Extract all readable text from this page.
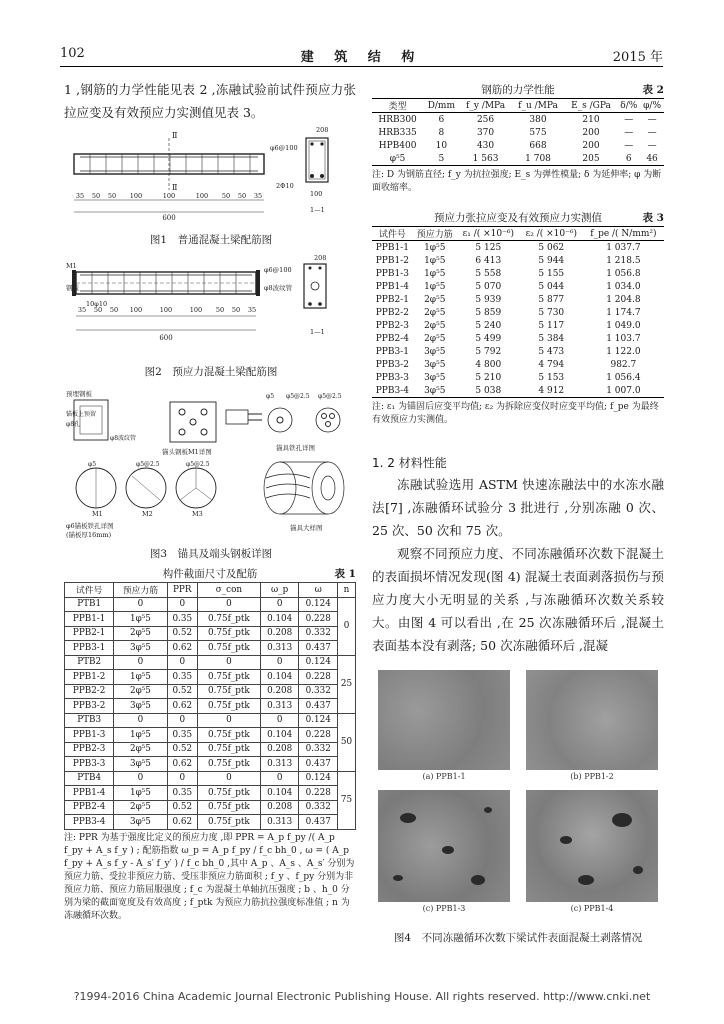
102	建 筑 结 构	2015 年
1 ,钢筋的力学性能见表 2 ,冻融试验前试件预应力张拉应变及有效预应力实测值见表 3。
Ⅱ
Ⅱ
600
35 50 50 100	100	100 50 50 35
208
φ6@100
2Φ10
100
1—1
图1　普通混凝土梁配筋图
M1
钢板
600
35 50 50 100	100	100 50 50 35
208
φ6@100
φ8波纹管
10φ10
1—1
图2　预应力混凝土梁配筋图
预埋钢板
锚板上预留
φ8孔
φ8波纹管
锚头钢板M1详图
φ5 φ5@2.5 φ5@2.5
锚具铁孔详图
φ5	φ5@2.5	φ5@2.5
M1	M2	M3
φ6锚板铁孔详图
(锚板厚16mm)
锚具大样图
图3　锚具及端头钢板详图
构件截面尺寸及配筋	表 1
试件号	预应力筋	PPR	σ_con	ω_p	ω	n
PTB1	0	0	0	0	0.124	0
PPB1-1	1φ⁵5	0.35	0.75f_ptk	0.104	0.228	
PPB2-1	2φ⁵5	0.52	0.75f_ptk	0.208	0.332	
PPB3-1	3φ⁵5	0.62	0.75f_ptk	0.313	0.437	
PTB2	0	0	0	0	0.124	25
PPB1-2	1φ⁵5	0.35	0.75f_ptk	0.104	0.228	
PPB2-2	2φ⁵5	0.52	0.75f_ptk	0.208	0.332	
PPB3-2	3φ⁵5	0.62	0.75f_ptk	0.313	0.437	
PTB3	0	0	0	0	0.124	50
PPB1-3	1φ⁵5	0.35	0.75f_ptk	0.104	0.228	
PPB2-3	2φ⁵5	0.52	0.75f_ptk	0.208	0.332	
PPB3-3	3φ⁵5	0.62	0.75f_ptk	0.313	0.437	
PTB4	0	0	0	0	0.124	75
PPB1-4	1φ⁵5	0.35	0.75f_ptk	0.104	0.228	
PPB2-4	2φ⁵5	0.52	0.75f_ptk	0.208	0.332	
PPB3-4	3φ⁵5	0.62	0.75f_ptk	0.313	0.437	
注: PPR 为基于强度比定义的预应力度 ,即 PPR = A_p f_py /( A_p f_py + A_s f_y ) ; 配筋指数 ω_p = A_p f_py / f_c bh_0 , ω = ( A_p f_py + A_s f_y - A_s′ f_y′ ) / f_c bh_0 ,其中 A_p 、A_s 、A_s′ 分别为预应力筋、受拉非预应力筋、受压非预应力筋面积 ; f_y 、f_py 分别为非预应力筋、预应力筋屈服强度 ; f_c 为混凝土单轴抗压强度 ; b 、h_0 分别为梁的截面宽度及有效高度 ; f_ptk 为预应力筋抗拉强度标准值 ; n 为冻融循环次数。
钢筋的力学性能	表 2
类型	D/mm	f_y /MPa	f_u /MPa	E_s /GPa	δ/%	φ/%
HRB300	6	256	380	210	—	—
HRB335	8	370	575	200	—	—
HPB400	10	430	668	200	—	—
φ⁵5	5	1 563	1 708	205	6	46
注: D 为钢筋直径; f_y 为抗拉强度; E_s 为弹性模量; δ 为延伸率; φ 为断面收缩率。
预应力张拉应变及有效预应力实测值	表 3
试件号	预应力筋	ε₁ /( ×10⁻⁶)	ε₂ /( ×10⁻⁶)	f_pe /( N/mm²)
PPB1-1	1φ⁵5	5 125	5 062	1 037.7
PPB1-2	1φ⁵5	6 413	5 944	1 218.5
PPB1-3	1φ⁵5	5 558	5 155	1 056.8
PPB1-4	1φ⁵5	5 070	5 044	1 034.0
PPB2-1	2φ⁵5	5 939	5 877	1 204.8
PPB2-2	2φ⁵5	5 859	5 730	1 174.7
PPB2-3	2φ⁵5	5 240	5 117	1 049.0
PPB2-4	2φ⁵5	5 499	5 384	1 103.7
PPB3-1	3φ⁵5	5 792	5 473	1 122.0
PPB3-2	3φ⁵5	4 800	4 794	982.7
PPB3-3	3φ⁵5	5 210	5 153	1 056.4
PPB3-4	3φ⁵5	5 038	4 912	1 007.0
注: ε₁ 为锚固后应变平均值; ε₂ 为拆除应变仪时应变平均值; f_pe 为最终有效预应力实测值。
1. 2 材料性能
冻融试验选用 ASTM 快速冻融法中的水冻水融法[7] ,冻融循环试验分 3 批进行 ,分别冻融 0 次、25 次、50 次和 75 次。
观察不同预应力度、不同冻融循环次数下混凝土的表面损坏情况发现(图 4) 混凝土表面剥落损伤与预应力度大小无明显的关系 ,与冻融循环次数关系较大。由图 4 可以看出 ,在 25 次冻融循环后 ,混凝土表面基本没有剥落; 50 次冻融循环后 ,混凝
(a) PPB1-1	(b) PPB1-2
(c) PPB1-3	(c) PPB1-4
图4　不同冻融循环次数下梁试件表面混凝土剥落情况
?1994-2016 China Academic Journal Electronic Publishing House. All rights reserved. http://www.cnki.net
